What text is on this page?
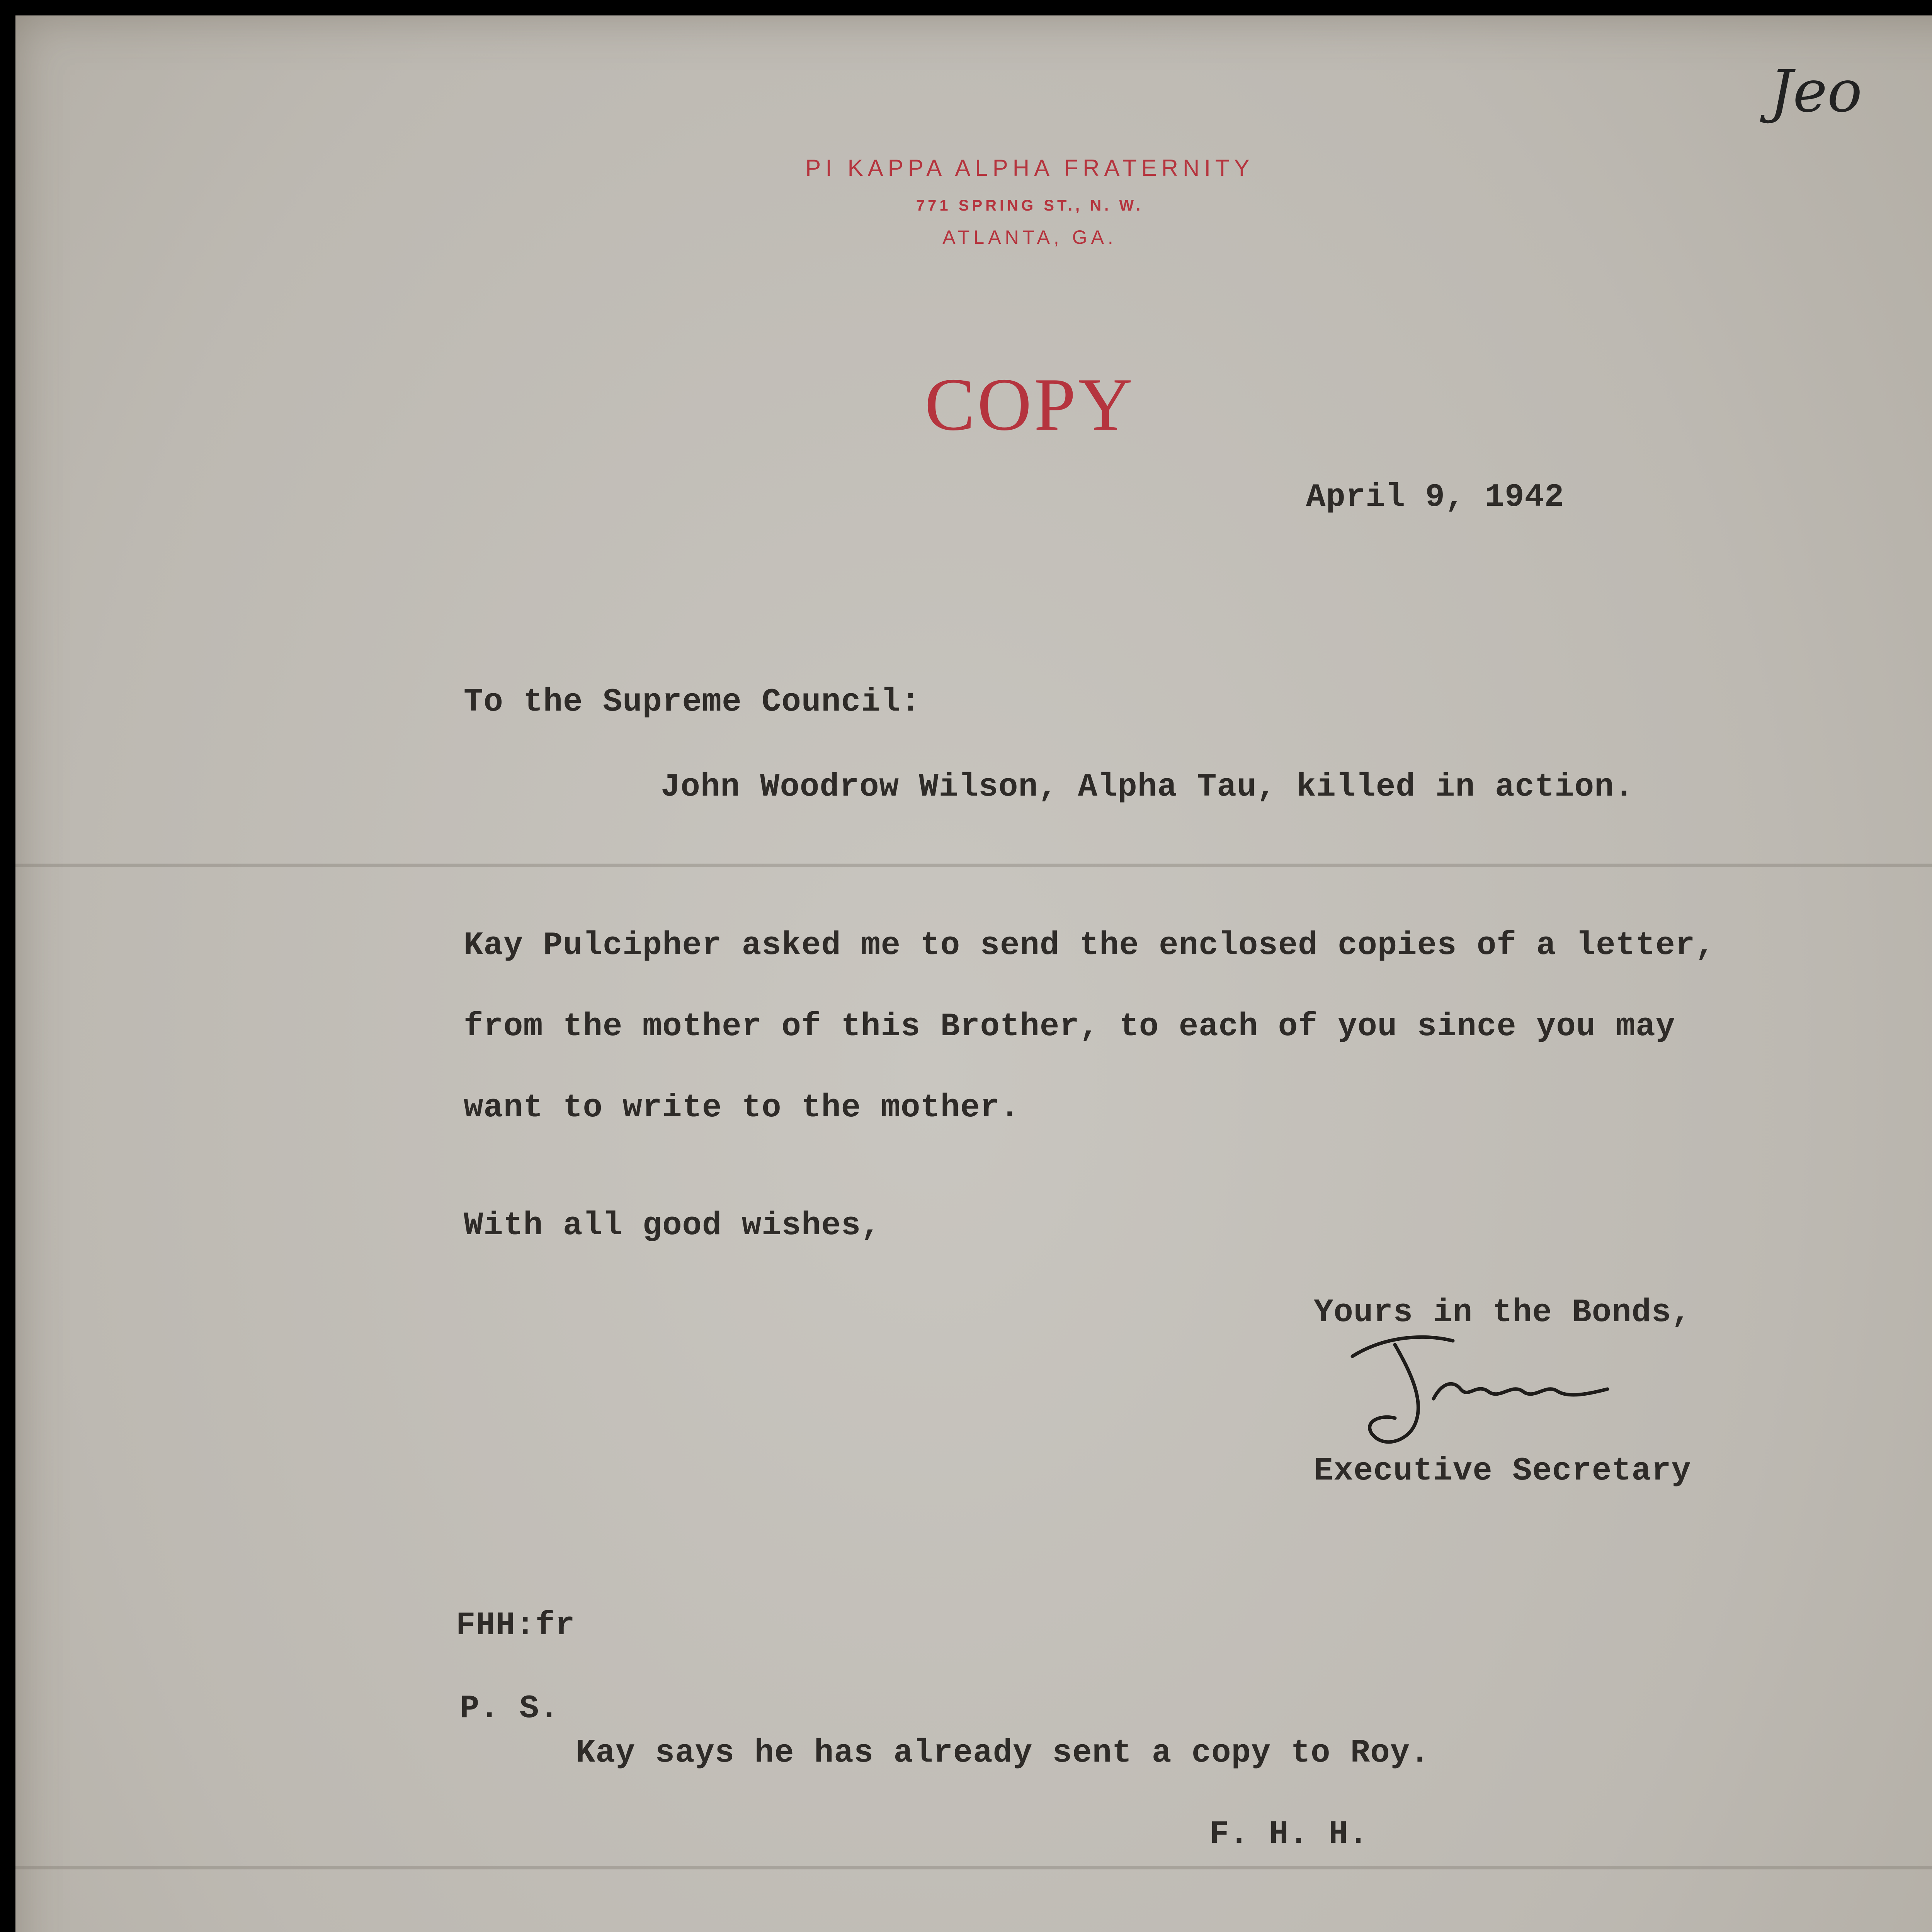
PI KAPPA ALPHA FRATERNITY
771 SPRING ST., N. W.
ATLANTA, GA.
COPY
Jeo
April 9, 1942
To the Supreme Council:
John Woodrow Wilson, Alpha Tau, killed in action.
Kay Pulcipher asked me to send the enclosed copies of a letter,
from the mother of this Brother, to each of you since you may
want to write to the mother.
With all good wishes,
Yours in the Bonds,
Executive Secretary
FHH:fr
P. S.
Kay says he has already sent a copy to Roy.
F. H. H.
